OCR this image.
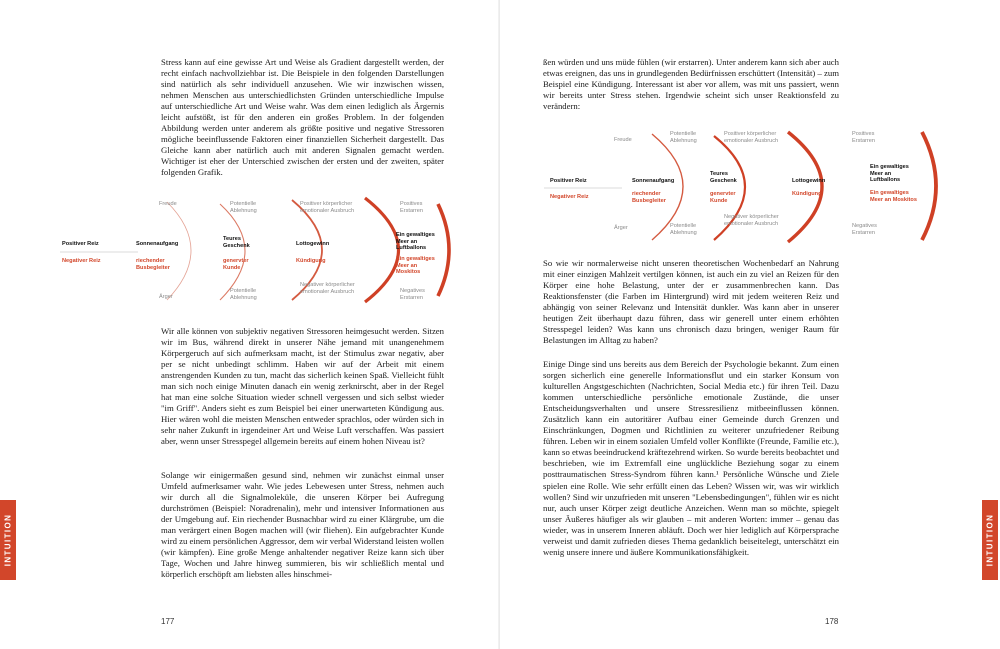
Stress kann auf eine gewisse Art und Weise als Gradient dargestellt werden, der recht einfach nachvollziehbar ist. Die Beispiele in den folgenden Darstellungen sind natürlich als sehr individuell anzusehen. Wie wir inzwischen wissen, nehmen Menschen aus unterschiedlichsten Gründen unterschiedliche Impulse auf unterschiedliche Art und Weise wahr. Was dem einen lediglich als Ärgernis leicht aufstößt, ist für den anderen ein großes Problem. In der folgenden Abbildung werden unter anderem als größte positive und negative Stressoren mögliche beeinflussende Faktoren einer finanziellen Sicherheit dargestellt. Das Gleiche kann aber natürlich auch mit anderen Signalen gemacht werden. Wichtiger ist eher der Unterschied zwischen der ersten und der zweiten, später folgenden Grafik.

Positiver Reiz
Negativer Reiz
Freude
Sonnenaufgang
riechender Busbegleiter
Ärger
Potentielle Ablehnung
Teures Geschenk
genervter Kunde
Potentielle Ablehnung
Positiver körperlicher emotionaler Ausbruch
Lottogewinn
Kündigung
Negativer körperlicher emotionaler Ausbruch
Positives Erstarren
Ein gewaltiges Meer an Luftballons
Ein gewaltiges Meer an Moskitos
Negatives Erstarren

Wir alle können von subjektiv negativen Stressoren heimgesucht werden. Sitzen wir im Bus, während direkt in unserer Nähe jemand mit unangenehmem Körpergeruch auf sich aufmerksam macht, ist der Stimulus zwar negativ, aber per se nicht unbedingt schlimm. Haben wir auf der Arbeit mit einem anstrengenden Kunden zu tun, macht das sicherlich keinen Spaß. Vielleicht fühlt man sich noch einige Minuten danach ein wenig zerknirscht, aber in der Regel hat man eine solche Situation wieder schnell vergessen und sich selbst wieder "im Griff". Anders sieht es zum Beispiel bei einer unerwarteten Kündigung aus. Hier wären wohl die meisten Menschen entweder sprachlos, oder würden sich in sehr naher Zukunft in irgendeiner Art und Weise Luft verschaffen. Was passiert aber, wenn unser Stresspegel allgemein bereits auf einem hohen Niveau ist?

Solange wir einigermaßen gesund sind, nehmen wir zunächst einmal unser Umfeld aufmerksamer wahr. Wie jedes Lebewesen unter Stress, nehmen auch wir durch all die Signalmoleküle, die unseren Körper bei Aufregung durchströmen (Beispiel: Noradrenalin), mehr und intensiver Informationen aus der Umgebung auf. Ein riechender Busnachbar wird zu einer Klärgrube, um die man verärgert einen Bogen machen will (wir fliehen). Ein aufgebrachter Kunde wird zu einem persönlichen Aggressor, dem wir verbal Widerstand leisten wollen (wir kämpfen). Eine große Menge anhaltender negativer Reize kann sich über Tage, Wochen und Jahre hinweg summieren, bis wir schließlich mental und körperlich erschöpft am liebsten alles hinschmei-

177
INTUITION

ßen würden und uns müde fühlen (wir erstarren). Unter anderem kann sich aber auch etwas ereignen, das uns in grundlegenden Bedürfnissen erschüttert (Intensität) – zum Beispiel eine Kündigung. Interessant ist aber vor allem, was mit uns passiert, wenn wir bereits unter Stress stehen. Irgendwie scheint sich unser Reaktionsfeld zu verändern:

Positiver Reiz
Negativer Reiz
Freude
Sonnenaufgang
riechender Busbegleiter
Ärger
Potentielle Ablehnung
Teures Geschenk
genervter Kunde
Potentielle Ablehnung
Positiver körperlicher emotionaler Ausbruch
Lottogewinn
Kündigung
Negativer körperlicher emotionaler Ausbruch
Positives Erstarren
Ein gewaltiges Meer an Luftballons
Ein gewaltiges Meer an Moskitos
Negatives Erstarren

So wie wir normalerweise nicht unseren theoretischen Wochenbedarf an Nahrung mit einer einzigen Mahlzeit vertilgen können, ist auch ein zu viel an Reizen für den Körper eine hohe Belastung, unter der er zusammenbrechen kann. Das Reaktionsfenster (die Farben im Hintergrund) wird mit jedem weiteren Reiz und abhängig von seiner Relevanz und Intensität dunkler. Was kann aber in unserer heutigen Zeit überhaupt dazu führen, dass wir generell unter einem erhöhten Stresspegel leiden? Was kann uns chronisch dazu bringen, weniger Raum für Belastungen im Alltag zu haben?

Einige Dinge sind uns bereits aus dem Bereich der Psychologie bekannt. Zum einen sorgen sicherlich eine generelle Informationsflut und ein starker Konsum von kulturellen Angstgeschichten (Nachrichten, Social Media etc.) für ihren Teil. Dazu kommen unterschiedliche persönliche emotionale Zustände, die unser Entscheidungsverhalten und unsere Stressresilienz mitbeeinflussen können. Zusätzlich kann ein autoritärer Aufbau einer Gemeinde durch Grenzen und Einschränkungen, Dogmen und Richtlinien zu weiterer unzufriedener Reibung führen. Leben wir in einem sozialen Umfeld voller Konflikte (Freunde, Familie etc.), kann so etwas beeindruckend kräftezehrend wirken. So wurde bereits beobachtet und beschrieben, wie im Extremfall eine unglückliche Beziehung sogar zu einem posttraumatischen Stress-Syndrom führen kann.¹ Persönliche Wünsche und Ziele spielen eine Rolle. Wie sehr erfüllt einen das Leben? Wissen wir, was wir wirklich wollen? Sind wir unzufrieden mit unseren "Lebensbedingungen", fühlen wir es nicht nur, auch unser Körper zeigt deutliche Anzeichen. Wenn man so möchte, spiegelt unser Äußeres häufiger als wir glauben – mit anderen Worten: immer – genau das wieder, was in unserem Inneren abläuft. Doch wer hier lediglich auf Körpersprache verweist und damit zufrieden dieses Thema gedanklich beiseitelegt, unterschätzt ein wenig unsere innere und äußere Kommunikationsfähigkeit.

178
INTUITION
